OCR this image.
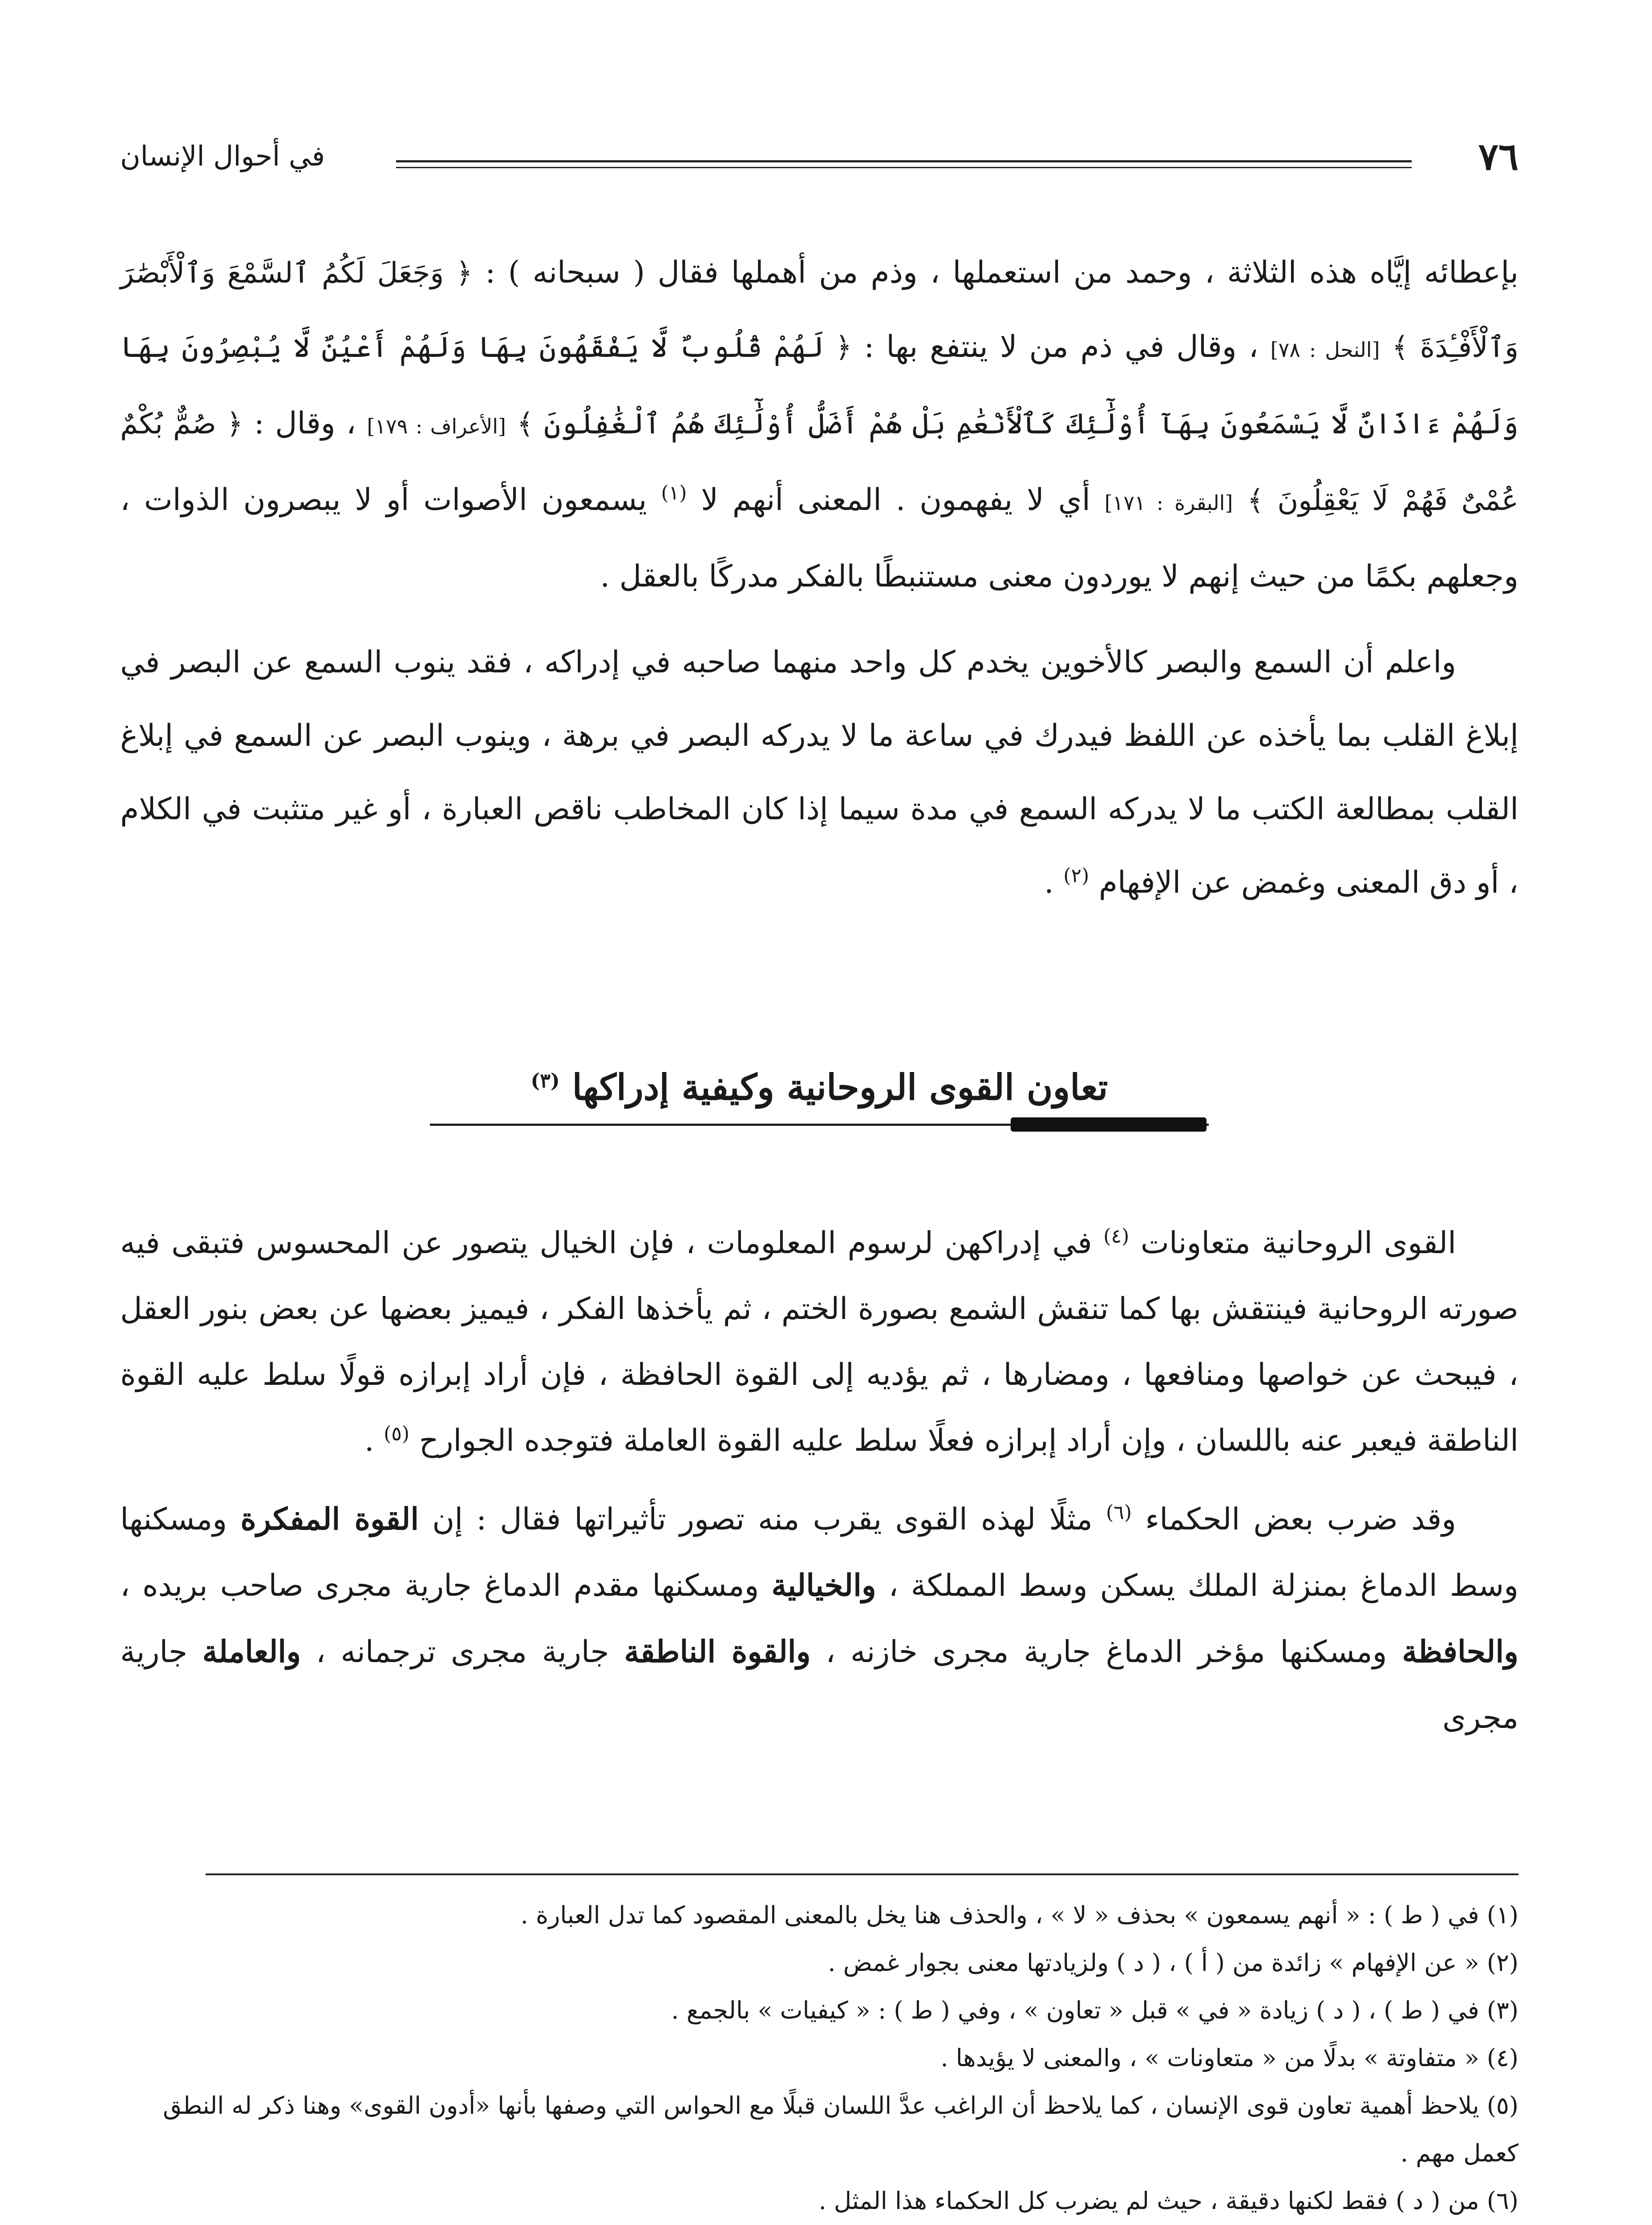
٧٦
في أحوال الإنسان

بإعطائه إيَّاه هذه الثلاثة ، وحمد من استعملها ، وذم من أهملها فقال ( سبحانه ) : ﴿ وَجَعَلَ لَكُمُ ٱلسَّمْعَ وَٱلْأَبْصَٰرَ وَٱلْأَفْـِٔدَةَ ﴾ [النحل : ٧٨] ، وقال في ذم من لا ينتفع بها : ﴿ لَهُمْ قُلُوبٌ لَّا يَفْقَهُونَ بِهَا وَلَهُمْ أَعْيُنٌ لَّا يُبْصِرُونَ بِهَا وَلَهُمْ ءَاذَانٌ لَّا يَسْمَعُونَ بِهَآ أُوْلَٰٓئِكَ كَٱلْأَنْعَٰمِ بَلْ هُمْ أَضَلُّ أُوْلَٰٓئِكَ هُمُ ٱلْغَٰفِلُونَ ﴾ [الأعراف : ١٧٩] ، وقال : ﴿ صُمٌّ بُكْمٌ عُمْىٌ فَهُمْ لَا يَعْقِلُونَ ﴾ [البقرة : ١٧١] أي لا يفهمون . المعنى أنهم لا $^{(١)}$ يسمعون الأصوات أو لا يبصرون الذوات ، وجعلهم بكمًا من حيث إنهم لا يوردون معنى مستنبطًا بالفكر مدركًا بالعقل .

واعلم أن السمع والبصر كالأخوين يخدم كل واحد منهما صاحبه في إدراكه ، فقد ينوب السمع عن البصر في إبلاغ القلب بما يأخذه عن اللفظ فيدرك في ساعة ما لا يدركه البصر في برهة ، وينوب البصر عن السمع في إبلاغ القلب بمطالعة الكتب ما لا يدركه السمع في مدة سيما إذا كان المخاطب ناقص العبارة ، أو غير متثبت في الكلام ، أو دق المعنى وغمض عن الإفهام $^{(٢)}$ .

تعاون القوى الروحانية وكيفية إدراكها $^{(٣)}$

القوى الروحانية متعاونات $^{(٤)}$ في إدراكهن لرسوم المعلومات ، فإن الخيال يتصور عن المحسوس فتبقى فيه صورته الروحانية فينتقش بها كما تنقش الشمع بصورة الختم ، ثم يأخذها الفكر ، فيميز بعضها عن بعض بنور العقل ، فيبحث عن خواصها ومنافعها ، ومضارها ، ثم يؤديه إلى القوة الحافظة ، فإن أراد إبرازه قولًا سلط عليه القوة الناطقة فيعبر عنه باللسان ، وإن أراد إبرازه فعلًا سلط عليه القوة العاملة فتوجده الجوارح $^{(٥)}$ .

وقد ضرب بعض الحكماء $^{(٦)}$ مثلًا لهذه القوى يقرب منه تصور تأثيراتها فقال : إن القوة المفكرة ومسكنها وسط الدماغ بمنزلة الملك يسكن وسط المملكة ، والخيالية ومسكنها مقدم الدماغ جارية مجرى صاحب بريده ، والحافظة ومسكنها مؤخر الدماغ جارية مجرى خازنه ، والقوة الناطقة جارية مجرى ترجمانه ، والعاملة جارية مجرى

(١) في ( ط ) : « أنهم يسمعون » بحذف « لا » ، والحذف هنا يخل بالمعنى المقصود كما تدل العبارة .

(٢) « عن الإفهام » زائدة من ( أ ) ، ( د ) ولزيادتها معنى بجوار غمض .

(٣) في ( ط ) ، ( د ) زيادة « في » قبل « تعاون » ، وفي ( ط ) : « كيفيات » بالجمع .

(٤) « متفاوتة » بدلًا من « متعاونات » ، والمعنى لا يؤيدها .

(٥) يلاحظ أهمية تعاون قوى الإنسان ، كما يلاحظ أن الراغب عدَّ اللسان قبلًا مع الحواس التي وصفها بأنها «أدون القوى» وهنا ذكر له النطق كعمل مهم .

(٦) من ( د ) فقط لكنها دقيقة ، حيث لم يضرب كل الحكماء هذا المثل .
